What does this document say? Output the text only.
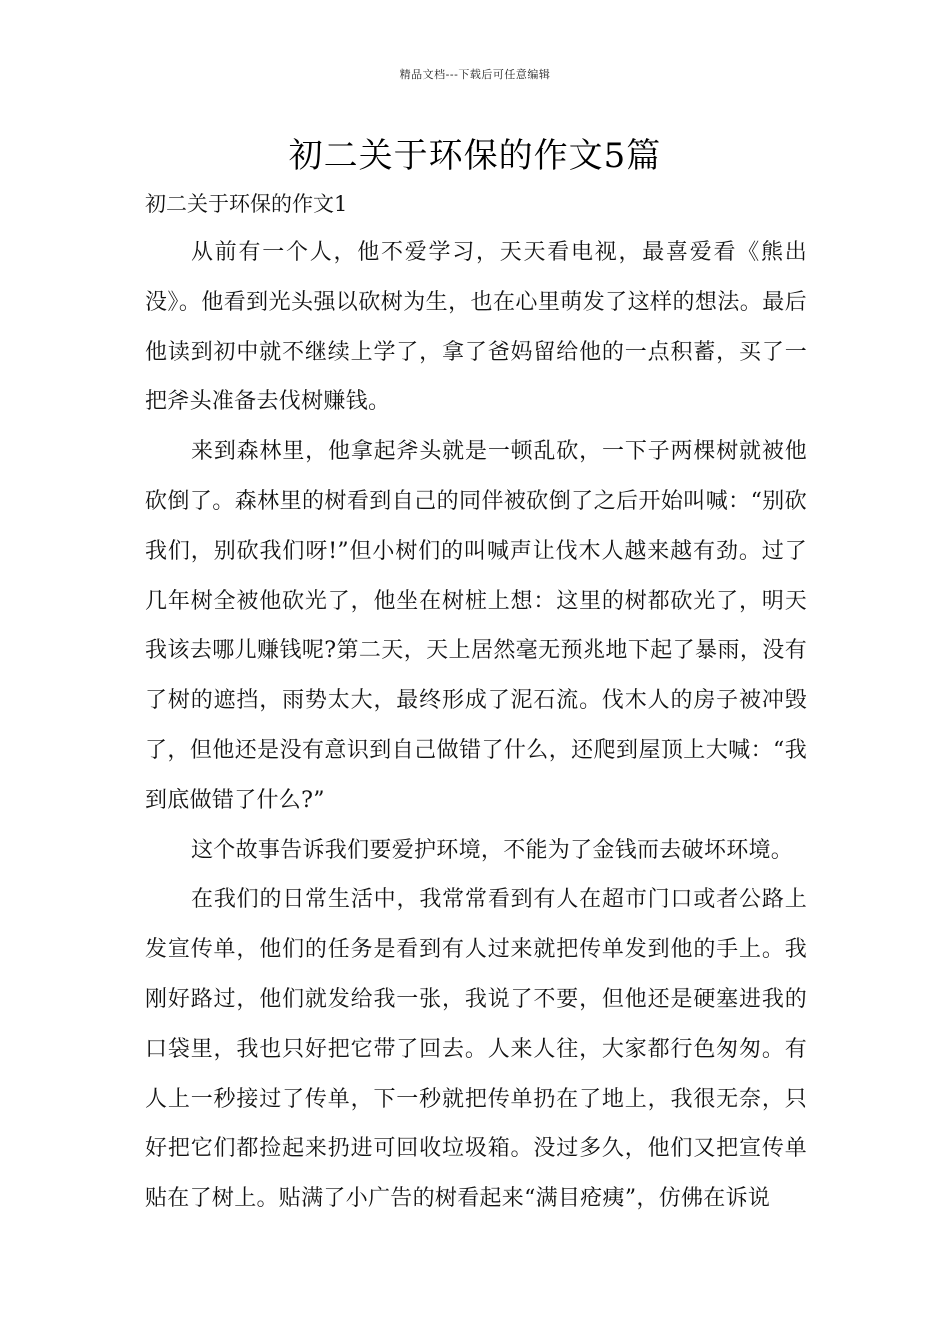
精品文档---下载后可任意编辑
初二关于环保的作文5篇
初二关于环保的作文1

从前有一个人，他不爱学习，天天看电视，最喜爱看《熊出没》。他看到光头强以砍树为生，也在心里萌发了这样的想法。最后他读到初中就不继续上学了，拿了爸妈留给他的一点积蓄，买了一把斧头准备去伐树赚钱。

来到森林里，他拿起斧头就是一顿乱砍，一下子两棵树就被他砍倒了。森林里的树看到自己的同伴被砍倒了之后开始叫喊：“别砍我们，别砍我们呀!”但小树们的叫喊声让伐木人越来越有劲。过了几年树全被他砍光了，他坐在树桩上想：这里的树都砍光了，明天我该去哪儿赚钱呢?第二天，天上居然毫无预兆地下起了暴雨，没有了树的遮挡，雨势太大，最终形成了泥石流。伐木人的房子被冲毁了，但他还是没有意识到自己做错了什么，还爬到屋顶上大喊：“我到底做错了什么?”

这个故事告诉我们要爱护环境，不能为了金钱而去破坏环境。

在我们的日常生活中，我常常看到有人在超市门口或者公路上发宣传单，他们的任务是看到有人过来就把传单发到他的手上。我刚好路过，他们就发给我一张，我说了不要，但他还是硬塞进我的口袋里，我也只好把它带了回去。人来人往，大家都行色匆匆。有人上一秒接过了传单，下一秒就把传单扔在了地上，我很无奈，只好把它们都捡起来扔进可回收垃圾箱。没过多久，他们又把宣传单贴在了树上。贴满了小广告的树看起来“满目疮痍”，仿佛在诉说
